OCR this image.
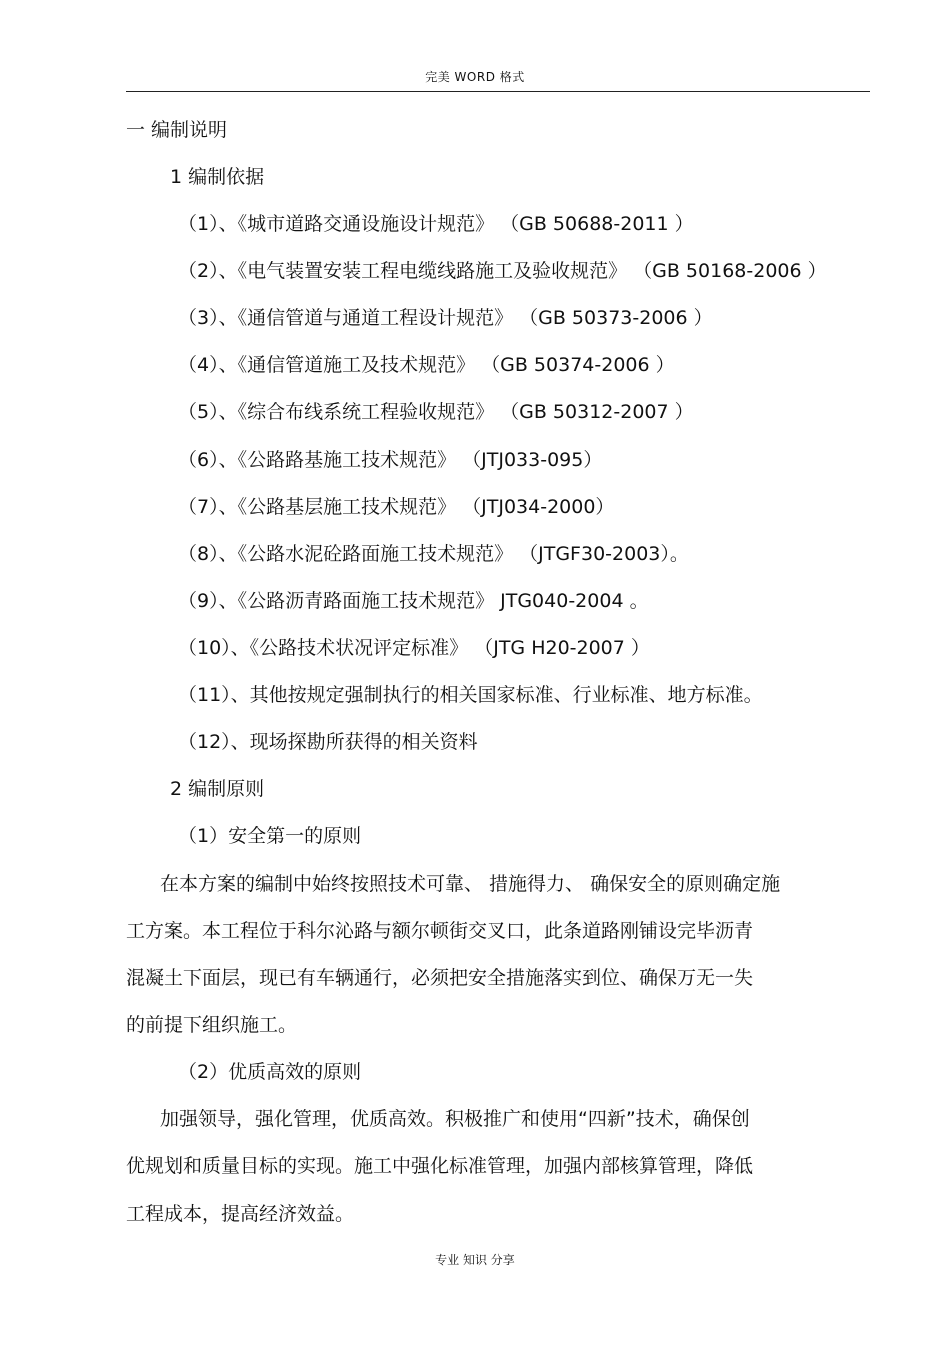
完美 WORD 格式
一 编制说明
1 编制依据
（1）、《城市道路交通设施设计规范》 （GB 50688-2011 ）
（2）、《电气装置安装工程电缆线路施工及验收规范》 （GB 50168-2006 ）
（3）、《通信管道与通道工程设计规范》 （GB 50373-2006 ）
（4）、《通信管道施工及技术规范》 （GB 50374-2006 ）
（5）、《综合布线系统工程验收规范》 （GB 50312-2007 ）
（6）、《公路路基施工技术规范》 （JTJ033-095）
（7）、《公路基层施工技术规范》 （JTJ034-2000）
（8）、《公路水泥砼路面施工技术规范》 （JTGF30-2003）。
（9）、《公路沥青路面施工技术规范》 JTG040-2004 。
（10）、《公路技术状况评定标准》 （JTG H20-2007 ）
（11）、其他按规定强制执行的相关国家标准、行业标准、地方标准。
（12）、现场探勘所获得的相关资料
2 编制原则
（1）安全第一的原则
在本方案的编制中始终按照技术可靠、 措施得力、 确保安全的原则确定施
工方案。本工程位于科尔沁路与额尔顿街交叉口，此条道路刚铺设完毕沥青
混凝土下面层，现已有车辆通行，必须把安全措施落实到位、确保万无一失
的前提下组织施工。
（2）优质高效的原则
加强领导，强化管理，优质高效。积极推广和使用“四新”技术，确保创
优规划和质量目标的实现。施工中强化标准管理，加强内部核算管理，降低
工程成本，提高经济效益。
专业 知识 分享
